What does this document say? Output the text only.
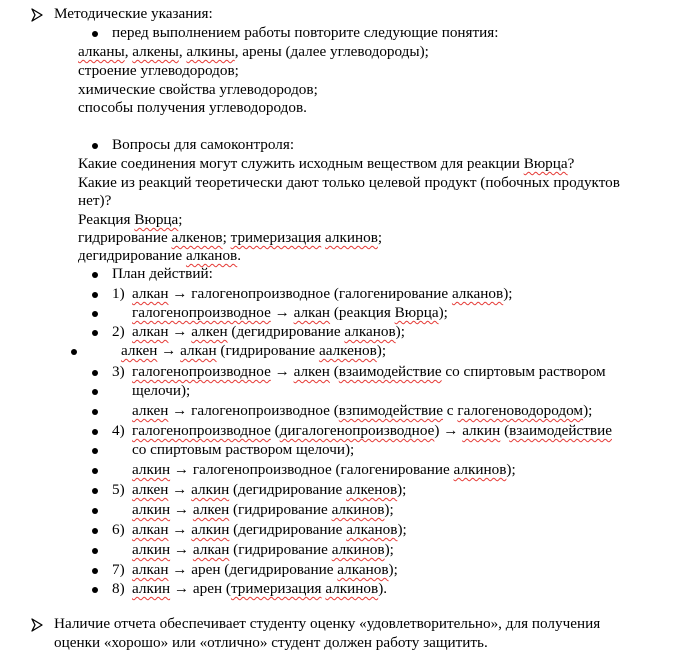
Методические указания:
перед выполнением работы повторите следующие понятия:
алканы, алкены, алкины, арены (далее углеводороды);
строение углеводородов;
химические свойства углеводородов;
способы получения углеводородов.
Вопросы для самоконтроля:
Какие соединения могут служить исходным веществом для реакции Вюрца?
Какие из реакций теоретически дают только целевой продукт (побочных продуктов
нет)?
Реакция Вюрца;
гидрирование алкенов; тримеризация алкинов;
дегидрирование алканов.
План действий:
1) алкан → галогенопроизводное (галогенирование алканов);
галогенопроизводное → алкан (реакция Вюрца);
2) алкан → алкен (дегидрирование алканов);
алкен → алкан (гидрирование аалкенов);
3) галогенопроизводное → алкен (взаимодействие со спиртовым раствором
щелочи);
алкен → галогенопроизводное (взпимодействие с галогеноводородом);
4) галогенопроизводное (дигалогенопроизводное) → алкин (взаимодействие
со спиртовым раствором щелочи);
алкин → галогенопроизводное (галогенирование алкинов);
5) алкен → алкин (дегидрирование алкенов);
алкин → алкен (гидрирование алкинов);
6) алкан → алкин (дегидрирование алканов);
алкин → алкан (гидрирование алкинов);
7) алкан → арен (дегидрирование алканов);
8) алкин → арен (тримеризация алкинов).
Наличие отчета обеспечивает студенту оценку «удовлетворительно», для получения
оценки «хорошо» или «отлично» студент должен работу защитить.
